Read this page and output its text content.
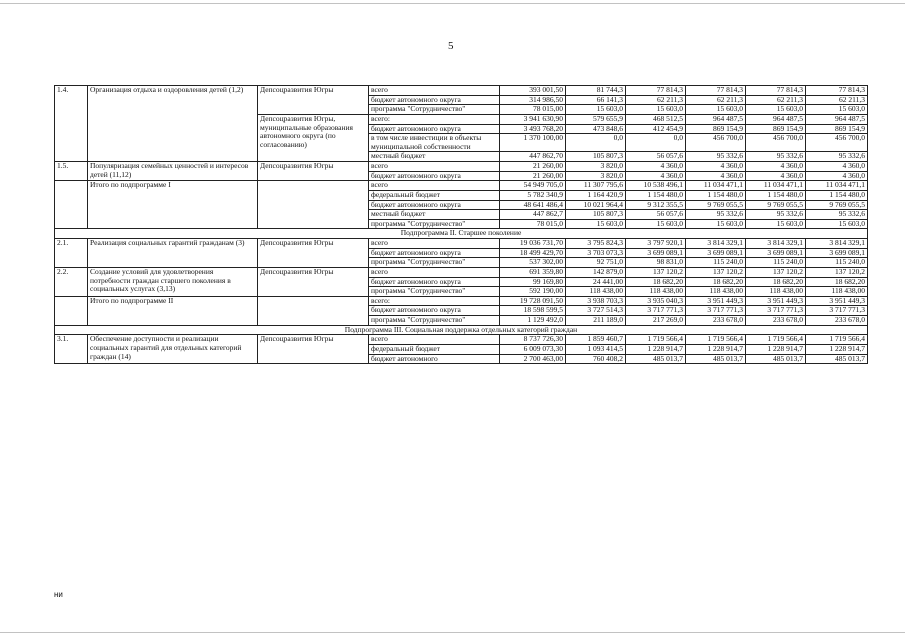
5
1.4.	Организация отдыха и оздоровления детей (1,2)	Депсоцразвития Югры	всего	393 001,50	81 744,3	77 814,3	77 814,3	77 814,3	77 814,3
			бюджет автономного округа	314 986,50	66 141,3	62 211,3	62 211,3	62 211,3	62 211,3
			программа "Сотрудничество"	78 015,00	15 603,0	15 603,0	15 603,0	15 603,0	15 603,0
		Депсоцразвития Югры, муниципальные образования автономного округа (по согласованию)	всего:	3 941 630,90	579 655,9	468 512,5	964 487,5	964 487,5	964 487,5
			бюджет автономного округа	3 493 768,20	473 848,6	412 454,9	869 154,9	869 154,9	869 154,9
			в том числе инвестиции в объекты муниципальной собственности	1 370 100,00	0,0	0,0	456 700,0	456 700,0	456 700,0
			местный бюджет	447 862,70	105 807,3	56 057,6	95 332,6	95 332,6	95 332,6
1.5.	Популяризация семейных ценностей и интересов детей (11,12)	Депсоцразвития Югры	всего	21 260,00	3 820,0	4 360,0	4 360,0	4 360,0	4 360,0
			бюджет автономного округа	21 260,00	3 820,0	4 360,0	4 360,0	4 360,0	4 360,0
	Итого по подпрограмме I		всего	54 949 705,0	11 307 795,6	10 538 496,1	11 034 471,1	11 034 471,1	11 034 471,1
			федеральный бюджет	5 782 340,9	1 164 420,9	1 154 480,0	1 154 480,0	1 154 480,0	1 154 480,0
			бюджет автономного округа	48 641 486,4	10 021 964,4	9 312 355,5	9 769 055,5	9 769 055,5	9 769 055,5
			местный бюджет	447 862,7	105 807,3	56 057,6	95 332,6	95 332,6	95 332,6
			программа "Сотрудничество"	78 015,0	15 603,0	15 603,0	15 603,0	15 603,0	15 603,0
Подпрограмма II. Старшее поколение									
2.1.	Реализация социальных гарантий гражданам (3)	Депсоцразвития Югры	всего	19 036 731,70	3 795 824,3	3 797 920,1	3 814 329,1	3 814 329,1	3 814 329,1
			бюджет автономного округа	18 499 429,70	3 703 073,3	3 699 089,1	3 699 089,1	3 699 089,1	3 699 089,1
			программа "Сотрудничество"	537 302,00	92 751,0	98 831,0	115 240,0	115 240,0	115 240,0
2.2.	Создание условий для удовлетворения потребности граждан старшего поколения в социальных услугах (3,13)	Депсоцразвития Югры	всего	691 359,80	142 879,0	137 120,2	137 120,2	137 120,2	137 120,2
			бюджет автономного округа	99 169,80	24 441,00	18 682,20	18 682,20	18 682,20	18 682,20
			программа "Сотрудничество"	592 190,00	118 438,00	118 438,00	118 438,00	118 438,00	118 438,00
	Итого по подпрограмме II		всего:	19 728 091,50	3 938 703,3	3 935 040,3	3 951 449,3	3 951 449,3	3 951 449,3
			бюджет автономного округа	18 598 599,5	3 727 514,3	3 717 771,3	3 717 771,3	3 717 771,3	3 717 771,3
			программа "Сотрудничество"	1 129 492,0	211 189,0	217 269,0	233 678,0	233 678,0	233 678,0
Подпрограмма III. Социальная поддержка отдельных категорий граждан									
3.1.	Обеспечение доступности и реализации социальных гарантий для отдельных категорий граждан (14)	Депсоцразвития Югры	всего	8 737 726,30	1 859 460,7	1 719 566,4	1 719 566,4	1 719 566,4	1 719 566,4
			федеральный бюджет	6 009 073,30	1 093 414,5	1 228 914,7	1 228 914,7	1 228 914,7	1 228 914,7
			бюджет автономного	2 700 463,00	760 408,2	485 013,7	485 013,7	485 013,7	485 013,7
ни
